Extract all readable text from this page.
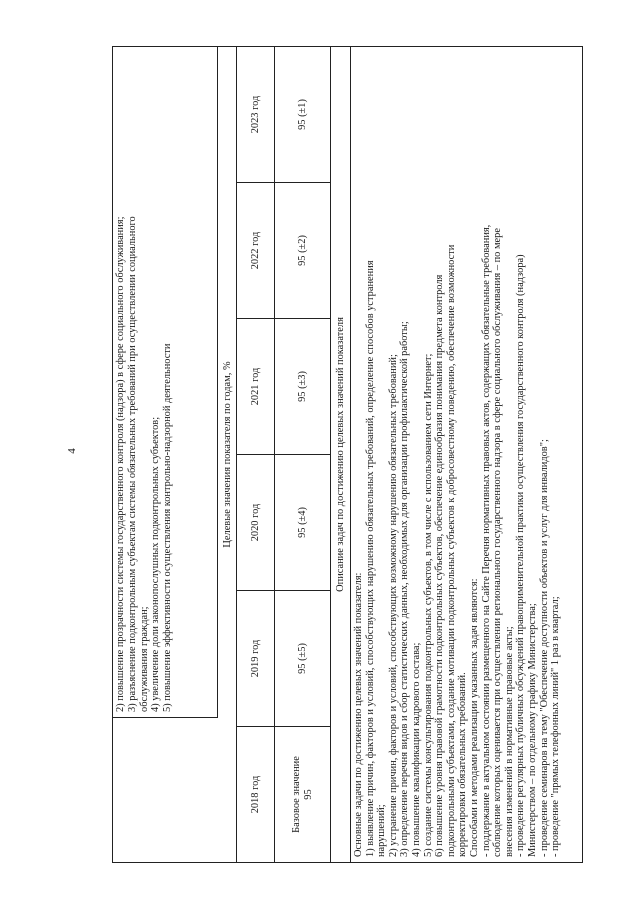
4	2) повышение прозрачности системы государственного контроля (надзора) в сфере социального обслуживания; 3) разъяснение подконтрольным субъектам системы обязательных требований при осуществлении социального обслуживания граждан; 4) увеличение доли законопослушных подконтрольных субъектов; 5) повышение эффективности осуществления контрольно-надзорной деятельности	Целевые значения показателя по годам, %
2018 год
2019 год
2020 год
2021 год
2022 год
2023 год
Базовое значение 95
95 (±5)
95 (±4)
95 (±3)
95 (±2)
95 (±1)
Описание задач по достижению целевых значений показателя
Основные задачи по достижению целевых значений показателя: 1) выявление причин, факторов и условий, способствующих нарушению обязательных требований, определение способов устранения нарушений; 2) устранение причин, факторов и условий, способствующих возможному нарушению обязательных требований; 3) определение перечня видов и сбор статистических данных, необходимых для организации профилактической работы; 4) повышение квалификации кадрового состава; 5) создание системы консультирования подконтрольных субъектов, в том числе с использованием сети Интернет; 6) повышение уровня правовой грамотности подконтрольных субъектов, обеспечение единообразия понимания предмета контроля подконтрольными субъектами, создание мотивации подконтрольных субъектов к добросовестному поведению, обеспечение возможности корректировки обязательных требований. Способами и методами реализации указанных задач являются: - поддержание в актуальном состоянии размещенного на Сайте Перечня нормативных правовых актов, содержащих обязательные требования, соблюдение которых оценивается при осуществлении регионального государственного надзора в сфере социального обслуживания – по мере внесения изменений в нормативные правовые акты; - проведение регулярных публичных обсуждений правоприменительной практики осуществления государственного контроля (надзора) Министерством – по отдельному графику Министерства; - проведение семинаров на тему "Обеспечение доступности объектов и услуг для инвалидов"; - проведение "прямых телефонных линий" 1 раз в квартал;
